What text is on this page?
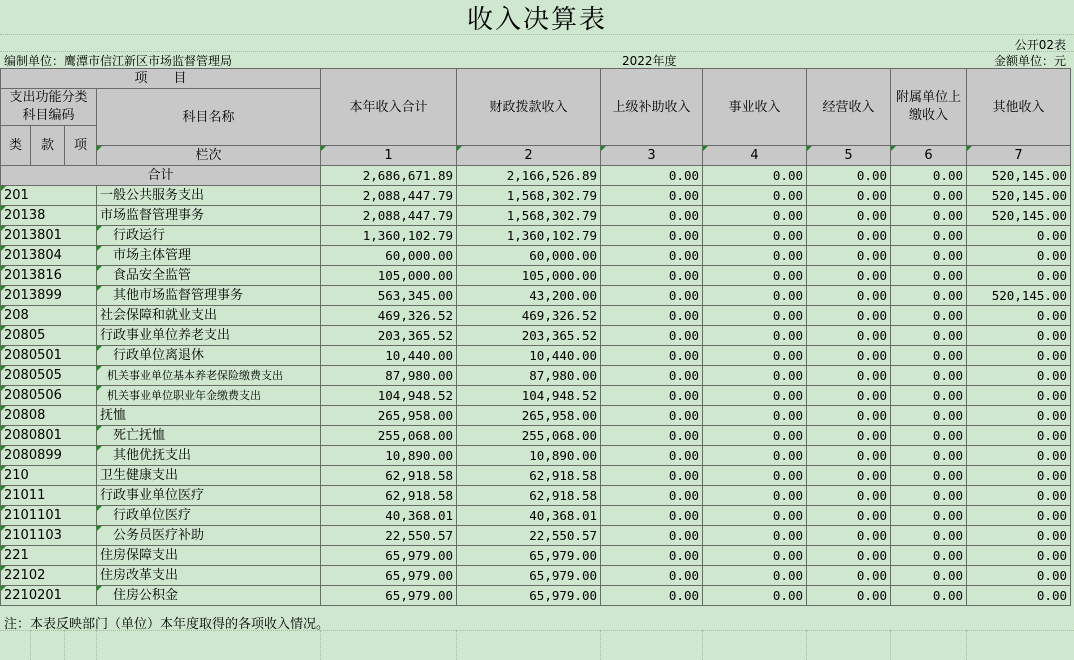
收入决算表
公开02表
编制单位：鹰潭市信江新区市场监督管理局	2022年度	金额单位：元
项　　目				本年收入合计	财政拨款收入	上级补助收入	事业收入	经营收入	附属单位上缴收入	其他收入
支出功能分类科目编码			科目名称							

类	款	项								
			栏次	1	2	3	4	5	6	7
合计				2,686,671.89	2,166,526.89	0.00	0.00	0.00	0.00	520,145.00
201			一般公共服务支出	2,088,447.79	1,568,302.79	0.00	0.00	0.00	0.00	520,145.00
20138			市场监督管理事务	2,088,447.79	1,568,302.79	0.00	0.00	0.00	0.00	520,145.00
2013801			行政运行	1,360,102.79	1,360,102.79	0.00	0.00	0.00	0.00	0.00
2013804			市场主体管理	60,000.00	60,000.00	0.00	0.00	0.00	0.00	0.00
2013816			食品安全监管	105,000.00	105,000.00	0.00	0.00	0.00	0.00	0.00
2013899			其他市场监督管理事务	563,345.00	43,200.00	0.00	0.00	0.00	0.00	520,145.00
208			社会保障和就业支出	469,326.52	469,326.52	0.00	0.00	0.00	0.00	0.00
20805			行政事业单位养老支出	203,365.52	203,365.52	0.00	0.00	0.00	0.00	0.00
2080501			行政单位离退休	10,440.00	10,440.00	0.00	0.00	0.00	0.00	0.00
2080505			机关事业单位基本养老保险缴费支出	87,980.00	87,980.00	0.00	0.00	0.00	0.00	0.00
2080506			机关事业单位职业年金缴费支出	104,948.52	104,948.52	0.00	0.00	0.00	0.00	0.00
20808			抚恤	265,958.00	265,958.00	0.00	0.00	0.00	0.00	0.00
2080801			死亡抚恤	255,068.00	255,068.00	0.00	0.00	0.00	0.00	0.00
2080899			其他优抚支出	10,890.00	10,890.00	0.00	0.00	0.00	0.00	0.00
210			卫生健康支出	62,918.58	62,918.58	0.00	0.00	0.00	0.00	0.00
21011			行政事业单位医疗	62,918.58	62,918.58	0.00	0.00	0.00	0.00	0.00
2101101			行政单位医疗	40,368.01	40,368.01	0.00	0.00	0.00	0.00	0.00
2101103			公务员医疗补助	22,550.57	22,550.57	0.00	0.00	0.00	0.00	0.00
221			住房保障支出	65,979.00	65,979.00	0.00	0.00	0.00	0.00	0.00
22102			住房改革支出	65,979.00	65,979.00	0.00	0.00	0.00	0.00	0.00
2210201			住房公积金	65,979.00	65,979.00	0.00	0.00	0.00	0.00	0.00
注：本表反映部门（单位）本年度取得的各项收入情况。
